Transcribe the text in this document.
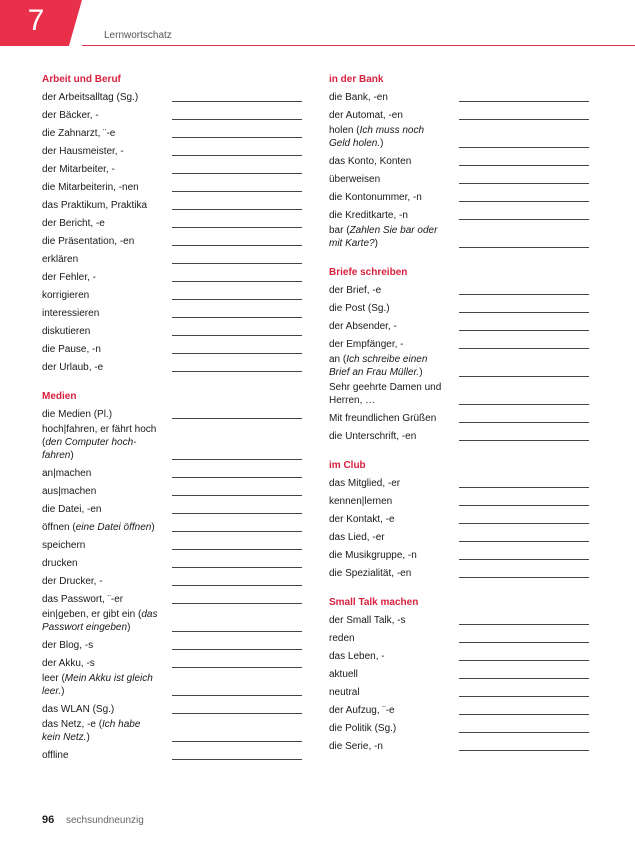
7	Lernwortschatz
Arbeit und Beruf
der Arbeitsalltag (Sg.)
der Bäcker, -
die Zahnarzt, ¨-e
der Hausmeister, -
der Mitarbeiter, -
die Mitarbeiterin, -nen
das Praktikum, Praktika
der Bericht, -e
die Präsentation, -en
erklären
der Fehler, -
korrigieren
interessieren
diskutieren
die Pause, -n
der Urlaub, -e
Medien
die Medien (Pl.)
hoch|fahren, er fährt hoch (den Computer hoch-fahren)
an|machen
aus|machen
die Datei, -en
öffnen (eine Datei öffnen)
speichern
drucken
der Drucker, -
das Passwort, ¨-er
ein|geben, er gibt ein (das Passwort eingeben)
der Blog, -s
der Akku, -s
leer (Mein Akku ist gleich leer.)
das WLAN (Sg.)
das Netz, -e (Ich habe kein Netz.)
offline
in der Bank
die Bank, -en
der Automat, -en
holen (Ich muss noch Geld holen.)
das Konto, Konten
überweisen
die Kontonummer, -n
die Kreditkarte, -n
bar (Zahlen Sie bar oder mit Karte?)
Briefe schreiben
der Brief, -e
die Post (Sg.)
der Absender, -
der Empfänger, -
an (Ich schreibe einen Brief an Frau Müller.)
Sehr geehrte Damen und Herren, …
Mit freundlichen Grüßen
die Unterschrift, -en
im Club
das Mitglied, -er
kennen|lernen
der Kontakt, -e
das Lied, -er
die Musikgruppe, -n
die Spezialität, -en
Small Talk machen
der Small Talk, -s
reden
das Leben, -
aktuell
neutral
der Aufzug, ¨-e
die Politik (Sg.)
die Serie, -n
96 sechsundneunzig
